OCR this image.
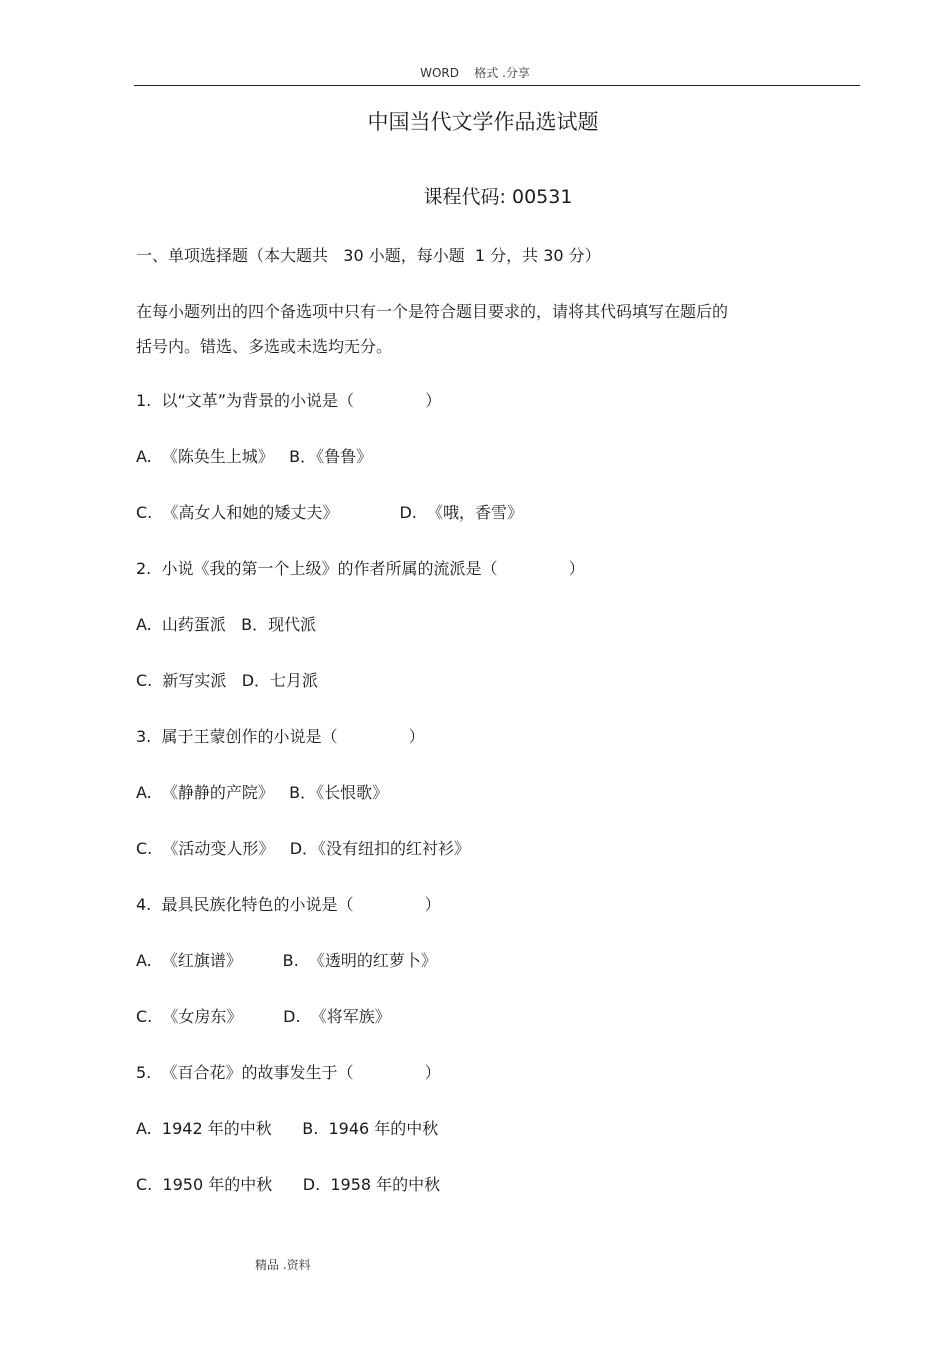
WORD    格式 .分享
中国当代文学作品选试题
课程代码: 00531
一、单项选择题（本大题共   30 小题，每小题  1 分，共 30 分）
在每小题列出的四个备选项中只有一个是符合题目要求的，请将其代码填写在题后的
括号内。错选、多选或未选均无分。
1.  以“文革”为背景的小说是（              ）
A.  《陈奂生上城》   B．《鲁鲁》
C.  《高女人和她的矮丈夫》            D.  《哦，香雪》
2.  小说《我的第一个上级》的作者所属的流派是（              ）
A.  山药蛋派   B．现代派
C.  新写实派   D．七月派
3.  属于王蒙创作的小说是（              ）
A.  《静静的产院》   B．《长恨歌》
C.  《活动变人形》   D．《没有纽扣的红衬衫》
4.  最具民族化特色的小说是（              ）
A.  《红旗谱》        B.  《透明的红萝卜》
C.  《女房东》        D.  《将军族》
5.  《百合花》的故事发生于（              ）
A.  1942 年的中秋      B.  1946 年的中秋
C.  1950 年的中秋      D.  1958 年的中秋
精品 .资料
